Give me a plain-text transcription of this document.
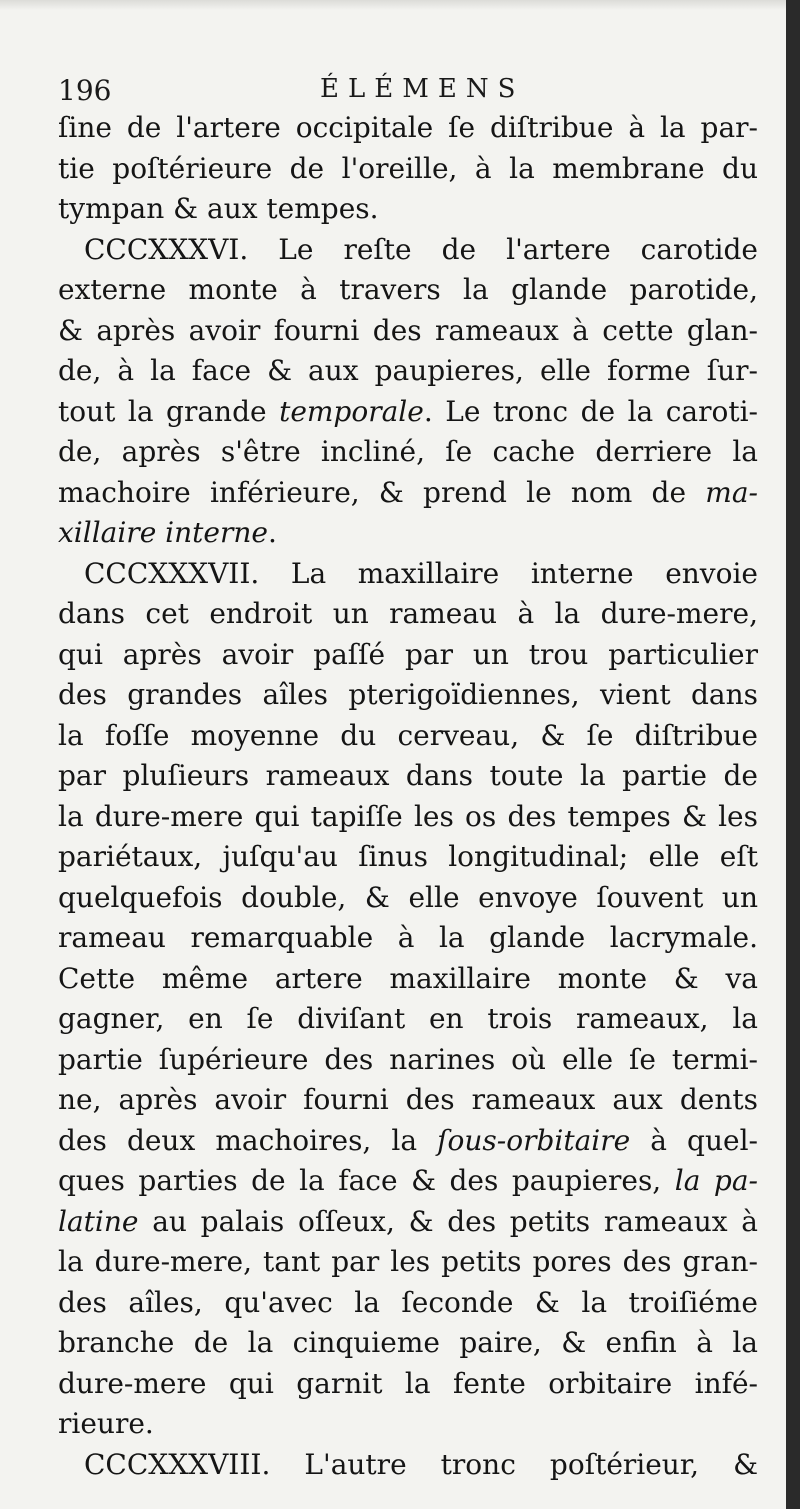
196	ÉLÉMENS
ſine de l'artere occipitale ſe diſtribue à la par-
tie poſtérieure de l'oreille, à la membrane du
tympan & aux tempes.
CCCXXXVI. Le reſte de l'artere carotide
externe monte à travers la glande parotide,
& après avoir fourni des rameaux à cette glan-
de, à la face & aux paupieres, elle forme ſur-
tout la grande temporale. Le tronc de la caroti-
de, après s'être incliné, ſe cache derriere la
machoire inférieure, & prend le nom de ma-
xillaire interne.
CCCXXXVII. La maxillaire interne envoie
dans cet endroit un rameau à la dure-mere,
qui après avoir paſſé par un trou particulier
des grandes aîles pterigoïdiennes, vient dans
la foſſe moyenne du cerveau, & ſe diſtribue
par pluſieurs rameaux dans toute la partie de
la dure-mere qui tapiſſe les os des tempes & les
pariétaux, juſqu'au ſinus longitudinal; elle eſt
quelquefois double, & elle envoye ſouvent un
rameau remarquable à la glande lacrymale.
Cette même artere maxillaire monte & va
gagner, en ſe diviſant en trois rameaux, la
partie ſupérieure des narines où elle ſe termi-
ne, après avoir fourni des rameaux aux dents
des deux machoires, la ſous-orbitaire à quel-
ques parties de la face & des paupieres, la pa-
latine au palais oſſeux, & des petits rameaux à
la dure-mere, tant par les petits pores des gran-
des aîles, qu'avec la ſeconde & la troiſiéme
branche de la cinquieme paire, & enfin à la
dure-mere qui garnit la fente orbitaire infé-
rieure.
CCCXXXVIII. L'autre tronc poſtérieur, &
